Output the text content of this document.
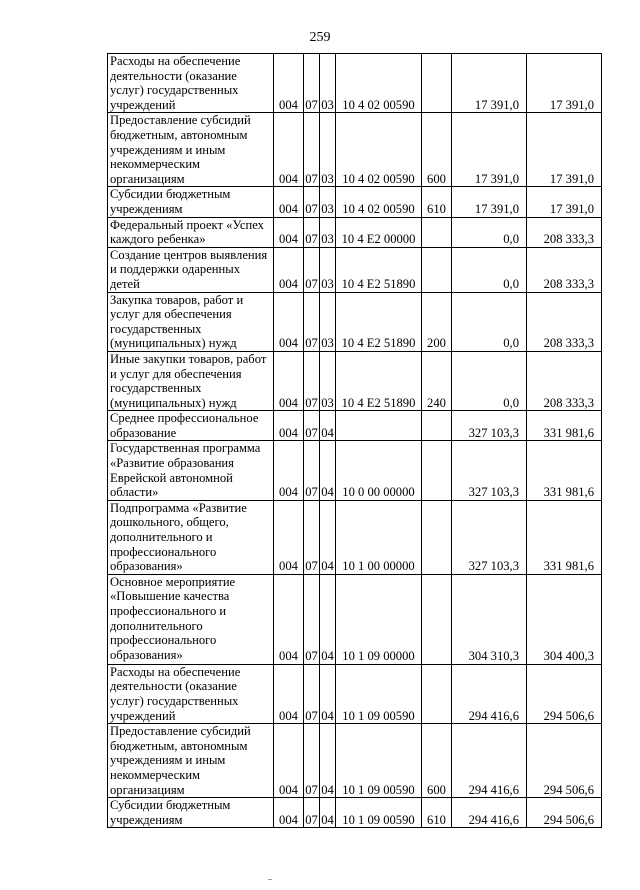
259
Расходы на обеспечение деятельности (оказание услуг) государственных учреждений	004	07	03	10 4 02 00590		17 391,0	17 391,0
Предоставление субсидий бюджетным, автономным учреждениям и иным некоммерческим организациям	004	07	03	10 4 02 00590	600	17 391,0	17 391,0
Субсидии бюджетным учреждениям	004	07	03	10 4 02 00590	610	17 391,0	17 391,0
Федеральный проект «Успех каждого ребенка»	004	07	03	10 4 E2 00000		0,0	208 333,3
Создание центров выявления и поддержки одаренных детей	004	07	03	10 4 E2 51890		0,0	208 333,3
Закупка товаров, работ и услуг для обеспечения государственных (муниципальных) нужд	004	07	03	10 4 E2 51890	200	0,0	208 333,3
Иные закупки товаров, работ и услуг для обеспечения государственных (муниципальных) нужд	004	07	03	10 4 E2 51890	240	0,0	208 333,3
Среднее профессиональное образование	004	07	04			327 103,3	331 981,6
Государственная программа «Развитие образования Еврейской автономной области»	004	07	04	10 0 00 00000		327 103,3	331 981,6
Подпрограмма «Развитие дошкольного, общего, дополнительного и профессионального образования»	004	07	04	10 1 00 00000		327 103,3	331 981,6
Основное мероприятие «Повышение качества профессионального и дополнительного профессионального образования»	004	07	04	10 1 09 00000		304 310,3	304 400,3
Расходы на обеспечение деятельности (оказание услуг) государственных учреждений	004	07	04	10 1 09 00590		294 416,6	294 506,6
Предоставление субсидий бюджетным, автономным учреждениям и иным некоммерческим организациям	004	07	04	10 1 09 00590	600	294 416,6	294 506,6
Субсидии бюджетным учреждениям	004	07	04	10 1 09 00590	610	294 416,6	294 506,6
